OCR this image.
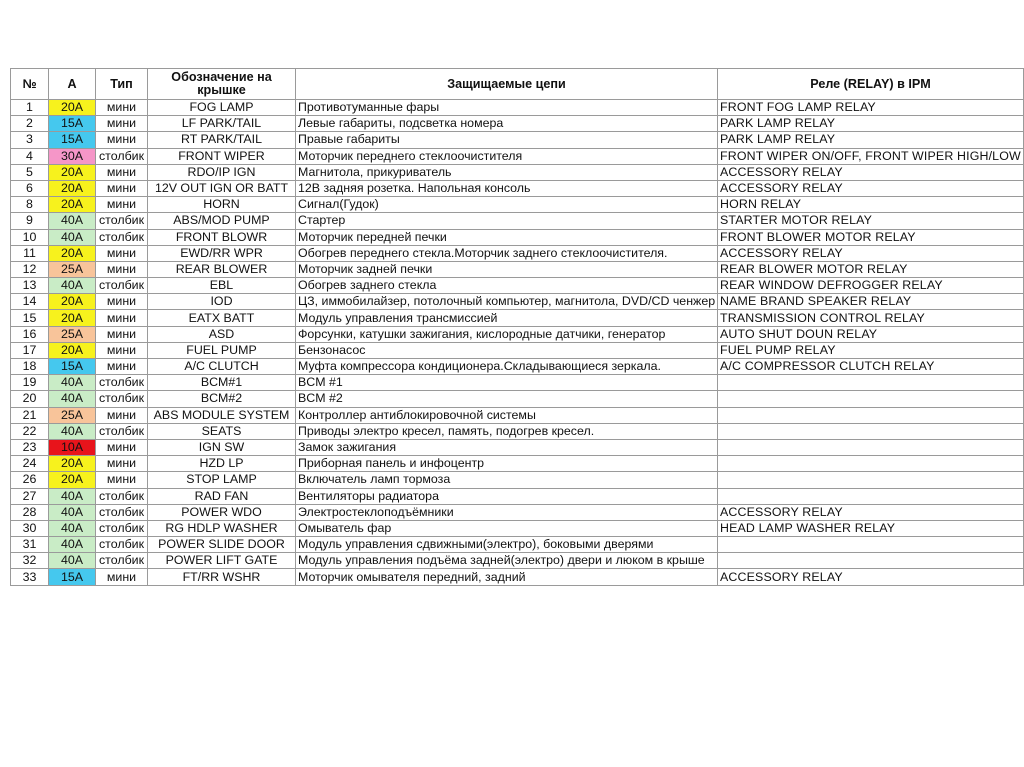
№	А	Тип	Обозначение на крышке	Защищаемые цепи	Реле (RELAY) в IPM
1	20A	мини	FOG LAMP	Противотуманные фары	FRONT FOG LAMP RELAY
2	15A	мини	LF PARK/TAIL	Левые габариты, подсветка номера	PARK LAMP RELAY
3	15A	мини	RT PARK/TAIL	Правые габариты	PARK LAMP RELAY
4	30A	столбик	FRONT WIPER	Моторчик переднего стеклоочистителя	FRONT WIPER ON/OFF, FRONT WIPER HIGH/LOW
5	20A	мини	RDO/IP IGN	Магнитола, прикуриватель	ACCESSORY RELAY
6	20A	мини	12V OUT IGN OR BATT	12В задняя розетка. Напольная консоль	ACCESSORY RELAY
8	20A	мини	HORN	Сигнал(Гудок)	HORN RELAY
9	40A	столбик	ABS/MOD PUMP	Стартер	STARTER MOTOR RELAY
10	40A	столбик	FRONT BLOWR	Моторчик передней печки	FRONT BLOWER MOTOR RELAY
11	20A	мини	EWD/RR WPR	Обогрев переднего стекла.Моторчик заднего стеклоочистителя.	ACCESSORY RELAY
12	25A	мини	REAR BLOWER	Моторчик задней печки	REAR BLOWER MOTOR RELAY
13	40A	столбик	EBL	Обогрев заднего стекла	REAR WINDOW DEFROGGER RELAY
14	20A	мини	IOD	ЦЗ, иммобилайзер, потолочный компьютер, магнитола, DVD/CD ченжер	NAME BRAND SPEAKER RELAY
15	20A	мини	EATX BATT	Модуль управления трансмиссией	TRANSMISSION CONTROL RELAY
16	25A	мини	ASD	Форсунки, катушки зажигания, кислородные датчики, генератор	AUTO SHUT DOUN RELAY
17	20A	мини	FUEL PUMP	Бензонасос	FUEL PUMP RELAY
18	15A	мини	A/C CLUTCH	Муфта компрессора кондиционера.Складывающиеся зеркала.	A/C COMPRESSOR CLUTCH RELAY
19	40A	столбик	BCM#1	BCM #1	
20	40A	столбик	BCM#2	BCM #2	
21	25A	мини	ABS MODULE SYSTEM	Контроллер антиблокировочной системы	
22	40A	столбик	SEATS	Приводы электро кресел, память, подогрев кресел.	
23	10A	мини	IGN SW	Замок зажигания	
24	20A	мини	HZD LP	Приборная панель и инфоцентр	
26	20A	мини	STOP LAMP	Включатель ламп тормоза	
27	40A	столбик	RAD FAN	Вентиляторы радиатора	
28	40A	столбик	POWER WDO	Электростеклоподъёмники	ACCESSORY RELAY
30	40A	столбик	RG HDLP WASHER	Омыватель фар	HEAD LAMP WASHER RELAY
31	40A	столбик	POWER SLIDE DOOR	Модуль управления сдвижными(электро), боковыми дверями	
32	40A	столбик	POWER LIFT GATE	Модуль управления подъёма задней(электро) двери и люком в крыше	
33	15A	мини	FT/RR WSHR	Моторчик омывателя передний, задний	ACCESSORY RELAY
